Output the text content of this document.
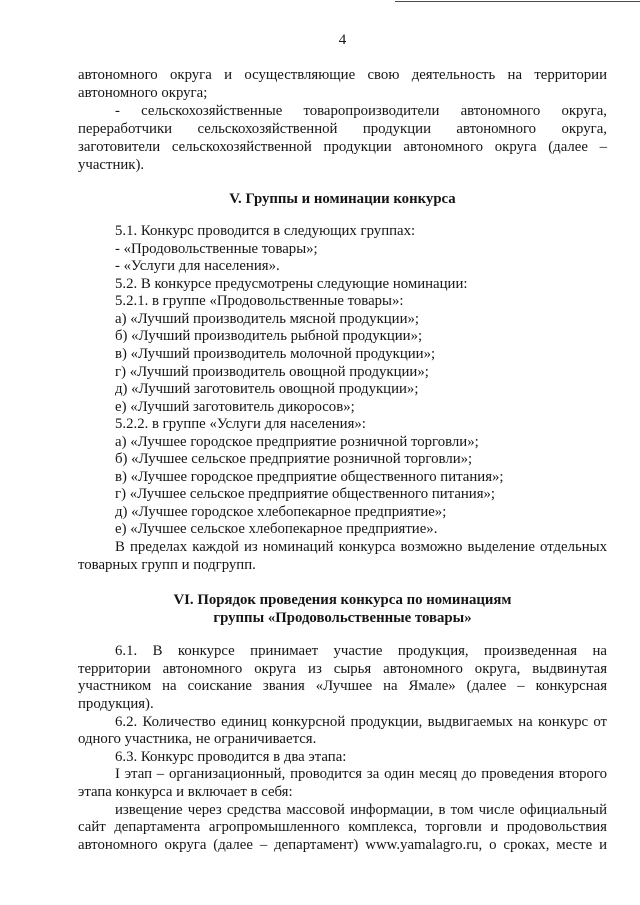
4
автономного округа и осуществляющие свою деятельность на территории
автономного округа;
- сельскохозяйственные товаропроизводители автономного округа,
переработчики сельскохозяйственной продукции автономного округа,
заготовители сельскохозяйственной продукции автономного округа (далее –
участник).
V. Группы и номинации конкурса
5.1. Конкурс проводится в следующих группах:
- «Продовольственные товары»;
- «Услуги для населения».
5.2. В конкурсе предусмотрены следующие номинации:
5.2.1. в группе «Продовольственные товары»:
а) «Лучший производитель мясной продукции»;
б) «Лучший производитель рыбной продукции»;
в) «Лучший производитель молочной продукции»;
г) «Лучший производитель овощной продукции»;
д) «Лучший заготовитель овощной продукции»;
е) «Лучший заготовитель дикоросов»;
5.2.2. в группе «Услуги для населения»:
а) «Лучшее городское предприятие розничной торговли»;
б) «Лучшее сельское предприятие розничной торговли»;
в) «Лучшее городское предприятие общественного питания»;
г) «Лучшее сельское предприятие общественного питания»;
д) «Лучшее городское хлебопекарное предприятие»;
е) «Лучшее сельское хлебопекарное предприятие».
В пределах каждой из номинаций конкурса возможно выделение отдельных
товарных групп и подгрупп.
VI. Порядок проведения конкурса по номинациям
группы «Продовольственные товары»
6.1. В конкурсе принимает участие продукция, произведенная на
территории автономного округа из сырья автономного округа, выдвинутая
участником на соискание звания «Лучшее на Ямале» (далее – конкурсная
продукция).
6.2. Количество единиц конкурсной продукции, выдвигаемых на конкурс от
одного участника, не ограничивается.
6.3. Конкурс проводится в два этапа:
I этап – организационный, проводится за один месяц до проведения второго
этапа конкурса и включает в себя:
извещение через средства массовой информации, в том числе официальный
сайт департамента агропромышленного комплекса, торговли и продовольствия
автономного округа (далее – департамент) www.yamalagro.ru, о сроках, месте и
